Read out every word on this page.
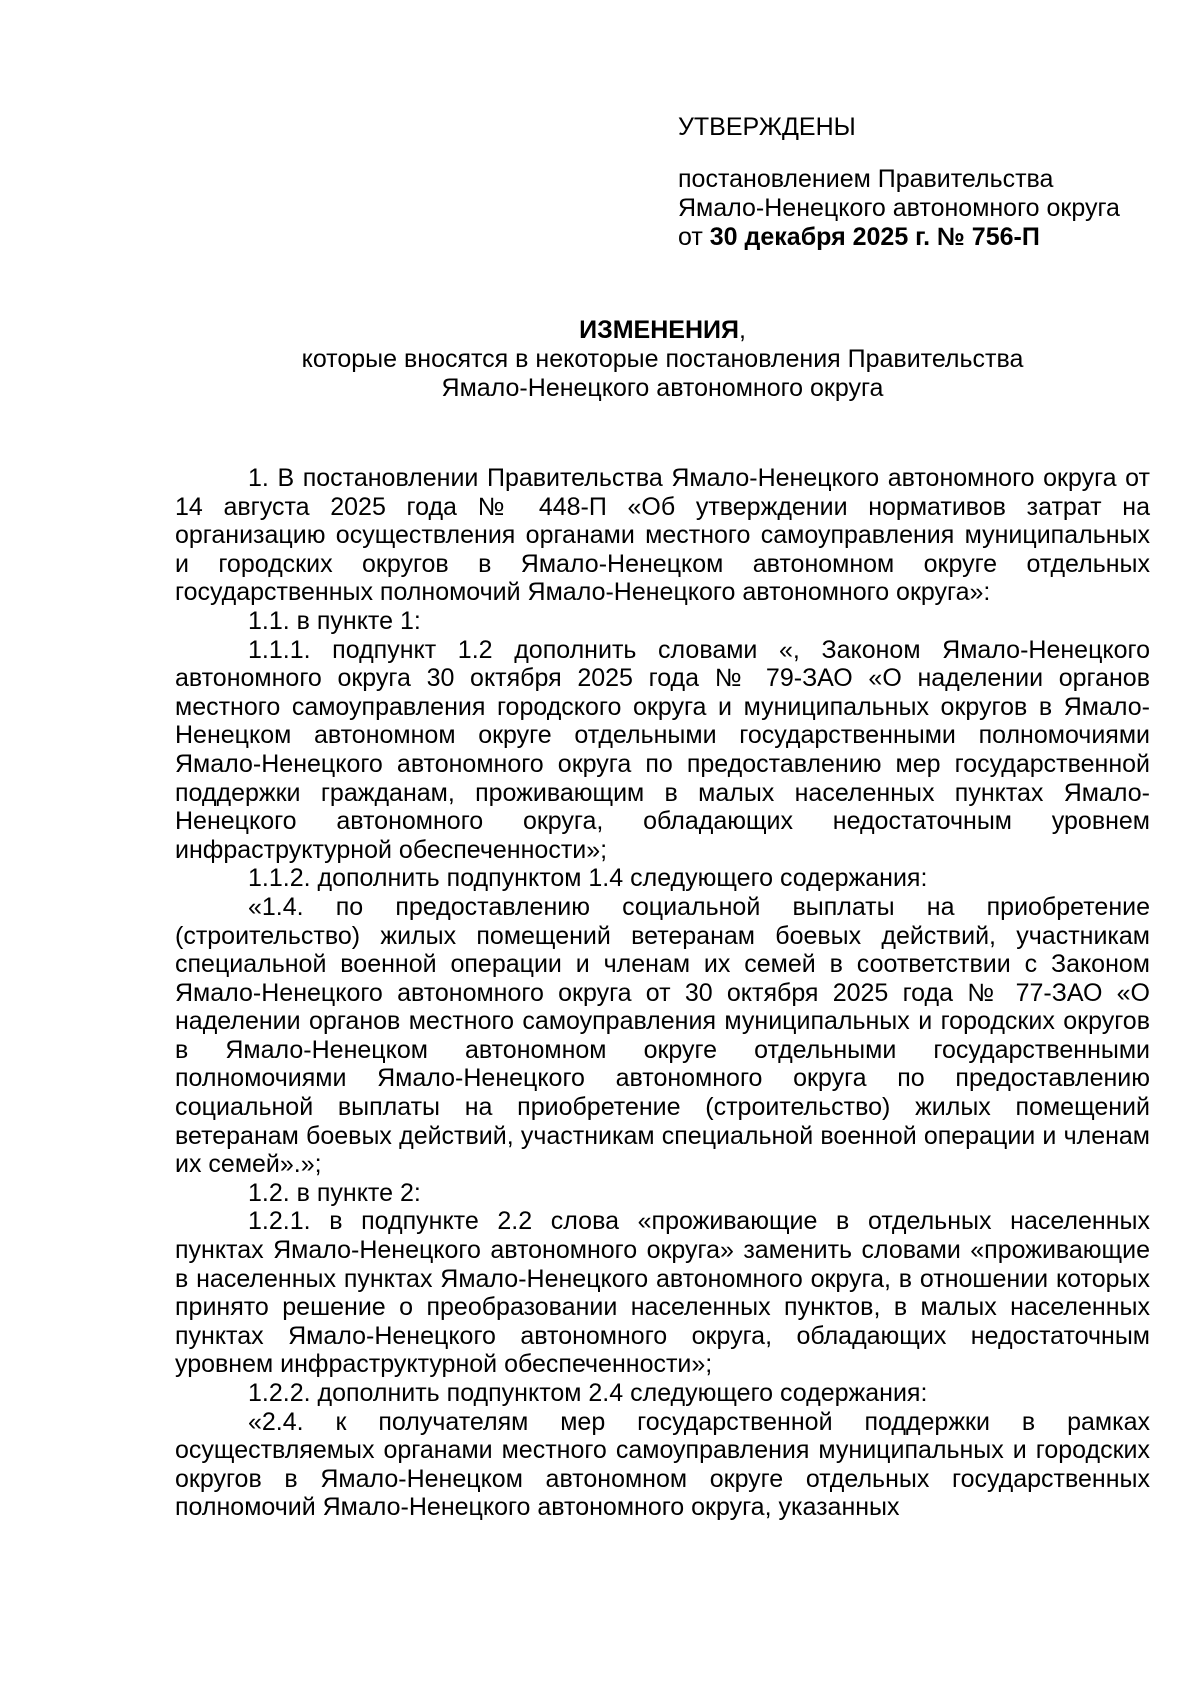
УТВЕРЖДЕНЫ
постановлением Правительства
Ямало-Ненецкого автономного округа
от 30 декабря 2025 г. № 756-П
ИЗМЕНЕНИЯ,
которые вносятся в некоторые постановления Правительства
Ямало-Ненецкого автономного округа

1. В постановлении Правительства Ямало-Ненецкого автономного округа от 14 августа 2025 года № 448-П «Об утверждении нормативов затрат на организацию осуществления органами местного самоуправления муниципальных и городских округов в Ямало-Ненецком автономном округе отдельных государственных полномочий Ямало-Ненецкого автономного округа»:

1.1. в пункте 1:

1.1.1. подпункт 1.2 дополнить словами «, Законом Ямало-Ненецкого автономного округа 30 октября 2025 года № 79-ЗАО «О наделении органов местного самоуправления городского округа и муниципальных округов в Ямало-Ненецком автономном округе отдельными государственными полномочиями Ямало-Ненецкого автономного округа по предоставлению мер государственной поддержки гражданам, проживающим в малых населенных пунктах Ямало-Ненецкого автономного округа, обладающих недостаточным уровнем инфраструктурной обеспеченности»;

1.1.2. дополнить подпунктом 1.4 следующего содержания:

«1.4. по предоставлению социальной выплаты на приобретение (строительство) жилых помещений ветеранам боевых действий, участникам специальной военной операции и членам их семей в соответствии с Законом Ямало-Ненецкого автономного округа от 30 октября 2025 года № 77-ЗАО «О наделении органов местного самоуправления муниципальных и городских округов в Ямало-Ненецком автономном округе отдельными государственными полномочиями Ямало-Ненецкого автономного округа по предоставлению социальной выплаты на приобретение (строительство) жилых помещений ветеранам боевых действий, участникам специальной военной операции и членам их семей».»;

1.2. в пункте 2:

1.2.1. в подпункте 2.2 слова «проживающие в отдельных населенных пунктах Ямало-Ненецкого автономного округа» заменить словами «проживающие в населенных пунктах Ямало-Ненецкого автономного округа, в отношении которых принято решение о преобразовании населенных пунктов, в малых населенных пунктах Ямало-Ненецкого автономного округа, обладающих недостаточным уровнем инфраструктурной обеспеченности»;

1.2.2. дополнить подпунктом 2.4 следующего содержания:

«2.4. к получателям мер государственной поддержки в рамках осуществляемых органами местного самоуправления муниципальных и городских округов в Ямало-Ненецком автономном округе отдельных государственных полномочий Ямало-Ненецкого автономного округа, указанных
